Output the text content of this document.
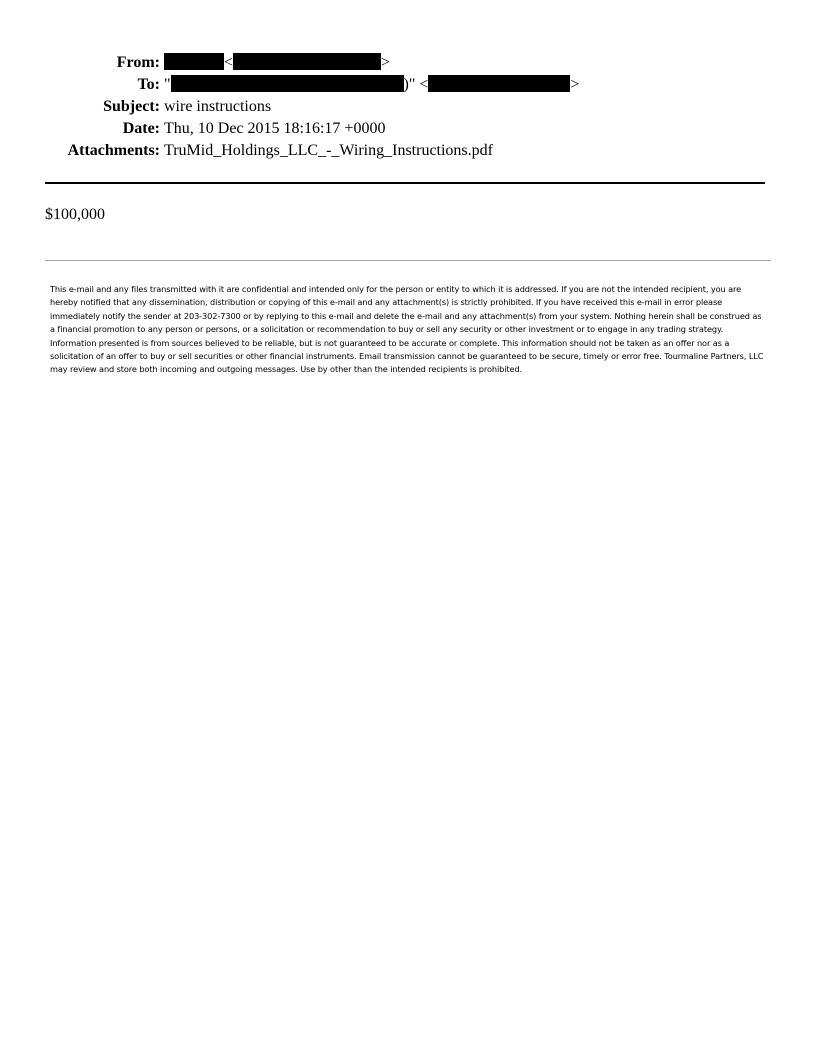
From:	<	>
To: "	)" <	>
Subject: wire instructions
Date: Thu, 10 Dec 2015 18:16:17 +0000
Attachments: TruMid_Holdings_LLC_-_Wiring_Instructions.pdf
$100,000
This e-mail and any files transmitted with it are confidential and intended only for the person or entity to which it is addressed. If you are not the intended recipient, you are hereby notified that any dissemination, distribution or copying of this e-mail and any attachment(s) is strictly prohibited. If you have received this e-mail in error please immediately notify the sender at 203-302-7300 or by replying to this e-mail and delete the e-mail and any attachment(s) from your system. Nothing herein shall be construed as a financial promotion to any person or persons, or a solicitation or recommendation to buy or sell any security or other investment or to engage in any trading strategy. Information presented is from sources believed to be reliable, but is not guaranteed to be accurate or complete. This information should not be taken as an offer nor as a solicitation of an offer to buy or sell securities or other financial instruments. Email transmission cannot be guaranteed to be secure, timely or error free. Tourmaline Partners, LLC may review and store both incoming and outgoing messages. Use by other than the intended recipients is prohibited.
